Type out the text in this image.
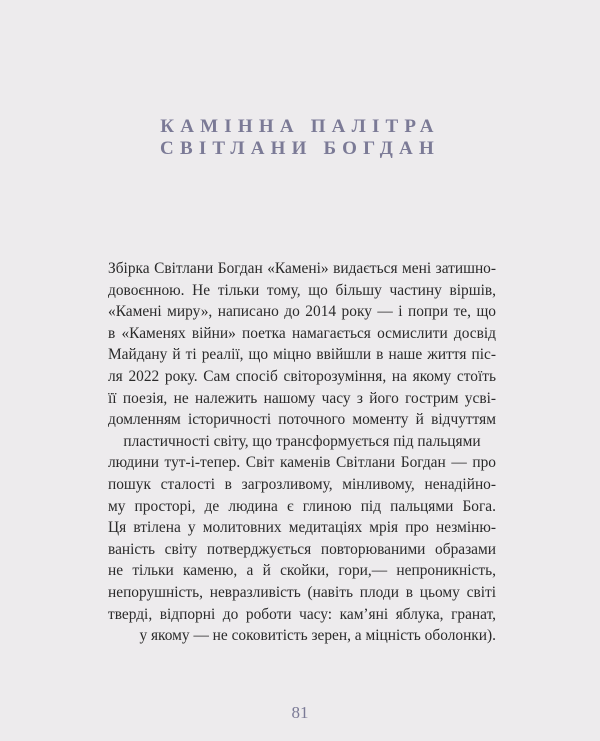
КАМІННА ПАЛІТРА
СВІТЛАНИ БОГДАН
Збірка Світлани Богдан «Камені» видається мені затишно-
довоєнною. Не тільки тому, що більшу частину віршів,
«Камені миру», написано до 2014 року — і попри те, що
в «Каменях війни» поетка намагається осмислити досвід
Майдану й ті реалії, що міцно ввійшли в наше життя піс-
ля 2022 року. Сам спосіб світорозуміння, на якому стоїть
її поезія, не належить нашому часу з його гострим усві-
домленням історичності поточного моменту й відчуттям
пластичності світу, що трансформується під пальцями
людини тут-і-тепер. Світ каменів Світлани Богдан — про
пошук сталості в загрозливому, мінливому, ненадійно-
му просторі, де людина є глиною під пальцями Бога.
Ця втілена у молитовних медитаціях мрія про незміню-
ваність світу потверджується повторюваними образами
не тільки каменю, а й скойки, гори,— непроникність,
непорушність, невразливість (навіть плоди в цьому світі
тверді, відпорні до роботи часу: кам’яні яблука, гранат,
у якому — не соковитість зерен, а міцність оболонки).
81
